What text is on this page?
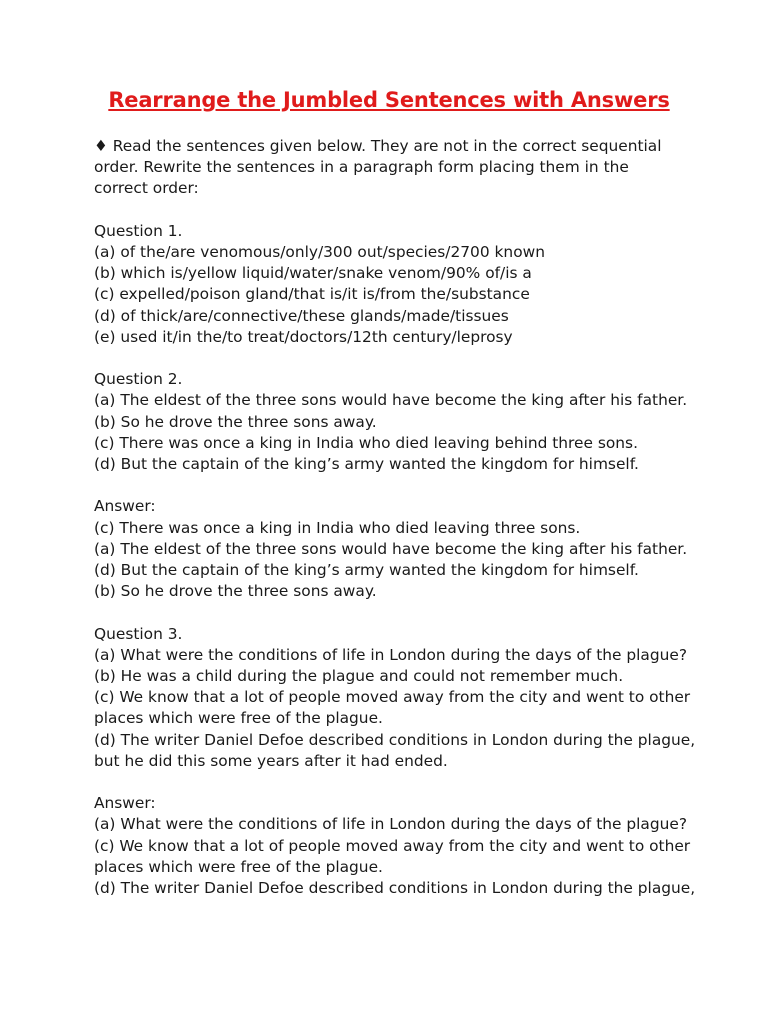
Rearrange the Jumbled Sentences with Answers
♦ Read the sentences given below. They are not in the correct sequential order. Rewrite the sentences in a paragraph form placing them in the correct order:
Question 1.
(a) of the/are venomous/only/300 out/species/2700 known
(b) which is/yellow liquid/water/snake venom/90% of/is a
(c) expelled/poison gland/that is/it is/from the/substance
(d) of thick/are/connective/these glands/made/tissues
(e) used it/in the/to treat/doctors/12th century/leprosy
Question 2.
(a) The eldest of the three sons would have become the king after his father.
(b) So he drove the three sons away.
(c) There was once a king in India who died leaving behind three sons.
(d) But the captain of the king’s army wanted the kingdom for himself.
Answer:
(c) There was once a king in India who died leaving three sons.
(a) The eldest of the three sons would have become the king after his father.
(d) But the captain of the king’s army wanted the kingdom for himself.
(b) So he drove the three sons away.
Question 3.
(a) What were the conditions of life in London during the days of the plague?
(b) He was a child during the plague and could not remember much.
(c) We know that a lot of people moved away from the city and went to other
places which were free of the plague.
(d) The writer Daniel Defoe described conditions in London during the plague,
but he did this some years after it had ended.
Answer:
(a) What were the conditions of life in London during the days of the plague?
(c) We know that a lot of people moved away from the city and went to other
places which were free of the plague.
(d) The writer Daniel Defoe described conditions in London during the plague,
